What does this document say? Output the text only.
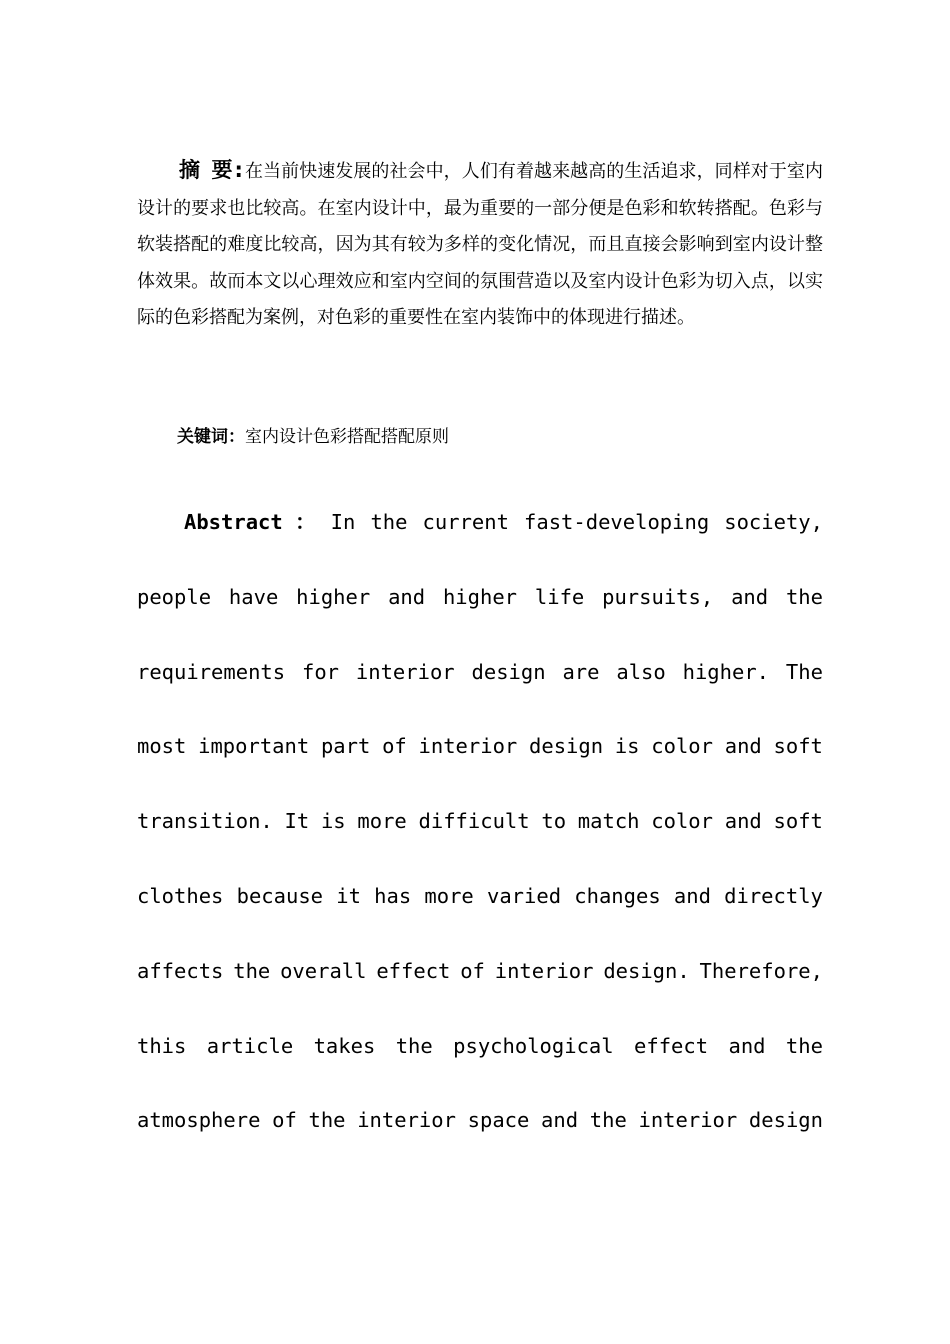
摘 要:在当前快速发展的社会中，人们有着越来越高的生活追求，同样对于室内设计的要求也比较高。在室内设计中，最为重要的一部分便是色彩和软转搭配。色彩与软装搭配的难度比较高，因为其有较为多样的变化情况，而且直接会影响到室内设计整体效果。故而本文以心理效应和室内空间的氛围营造以及室内设计色彩为切入点，以实际的色彩搭配为案例，对色彩的重要性在室内装饰中的体现进行描述。

关键词：室内设计色彩搭配搭配原则

Abstract ： In the current fast-developing society,
people have higher and higher life pursuits, and the
requirements for interior design are also higher. The
most important part of interior design is color and soft
transition. It is more difficult to match color and soft
clothes because it has more varied changes and directly
affects the overall effect of interior design. Therefore,
this article takes the psychological effect and the
atmosphere of the interior space and the interior design
